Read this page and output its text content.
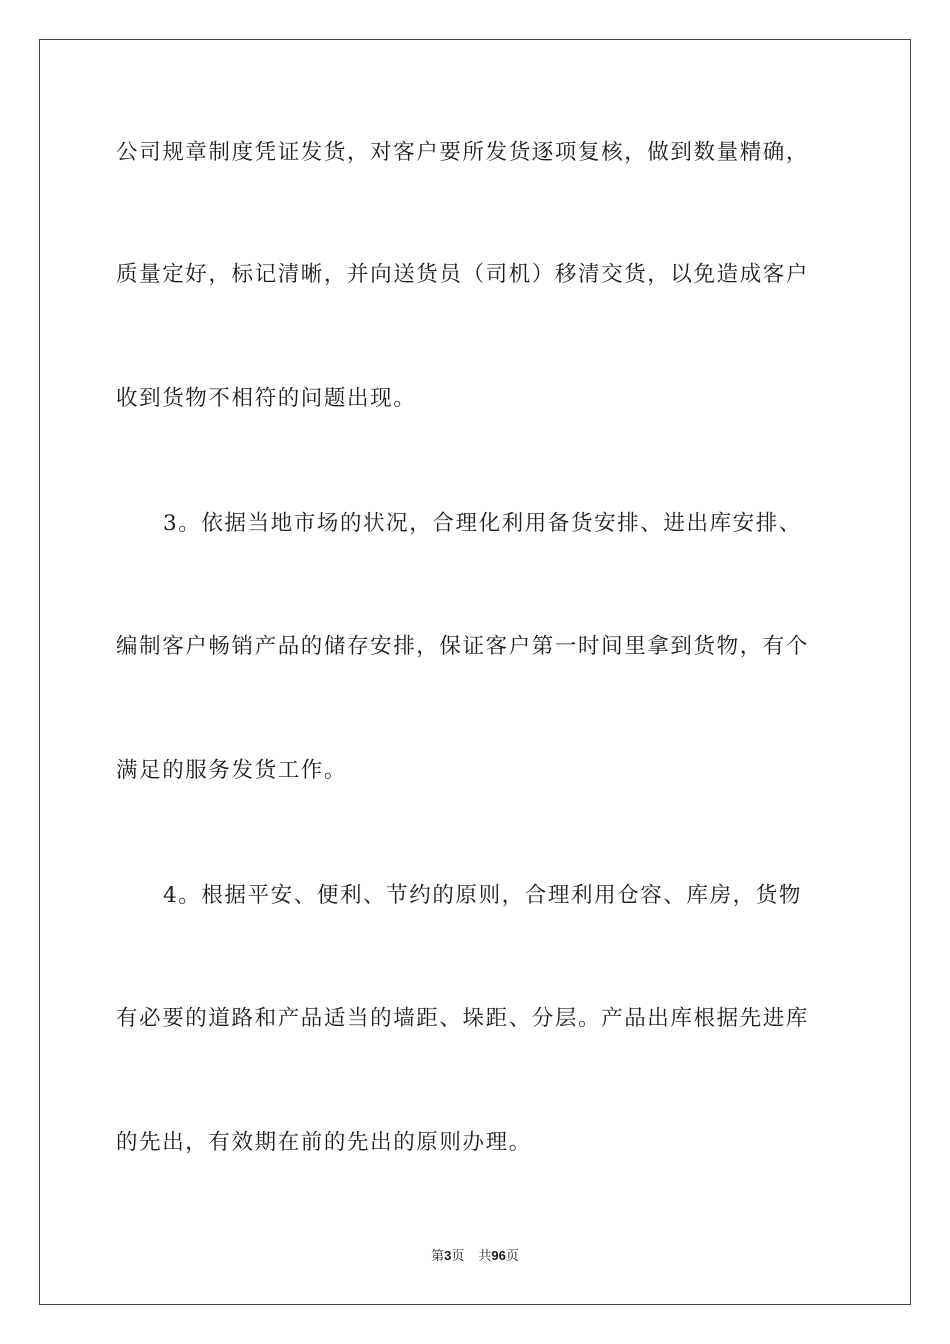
公司规章制度凭证发货，对客户要所发货逐项复核，做到数量精确，
质量定好，标记清晰，并向送货员（司机）移清交货，以免造成客户
收到货物不相符的问题出现。
3。依据当地市场的状况，合理化利用备货安排、进出库安排、
编制客户畅销产品的储存安排，保证客户第一时间里拿到货物，有个
满足的服务发货工作。
4。根据平安、便利、节约的原则，合理利用仓容、库房，货物
有必要的道路和产品适当的墙距、垛距、分层。产品出库根据先进库
的先出，有效期在前的先出的原则办理。
第3页 共96页
